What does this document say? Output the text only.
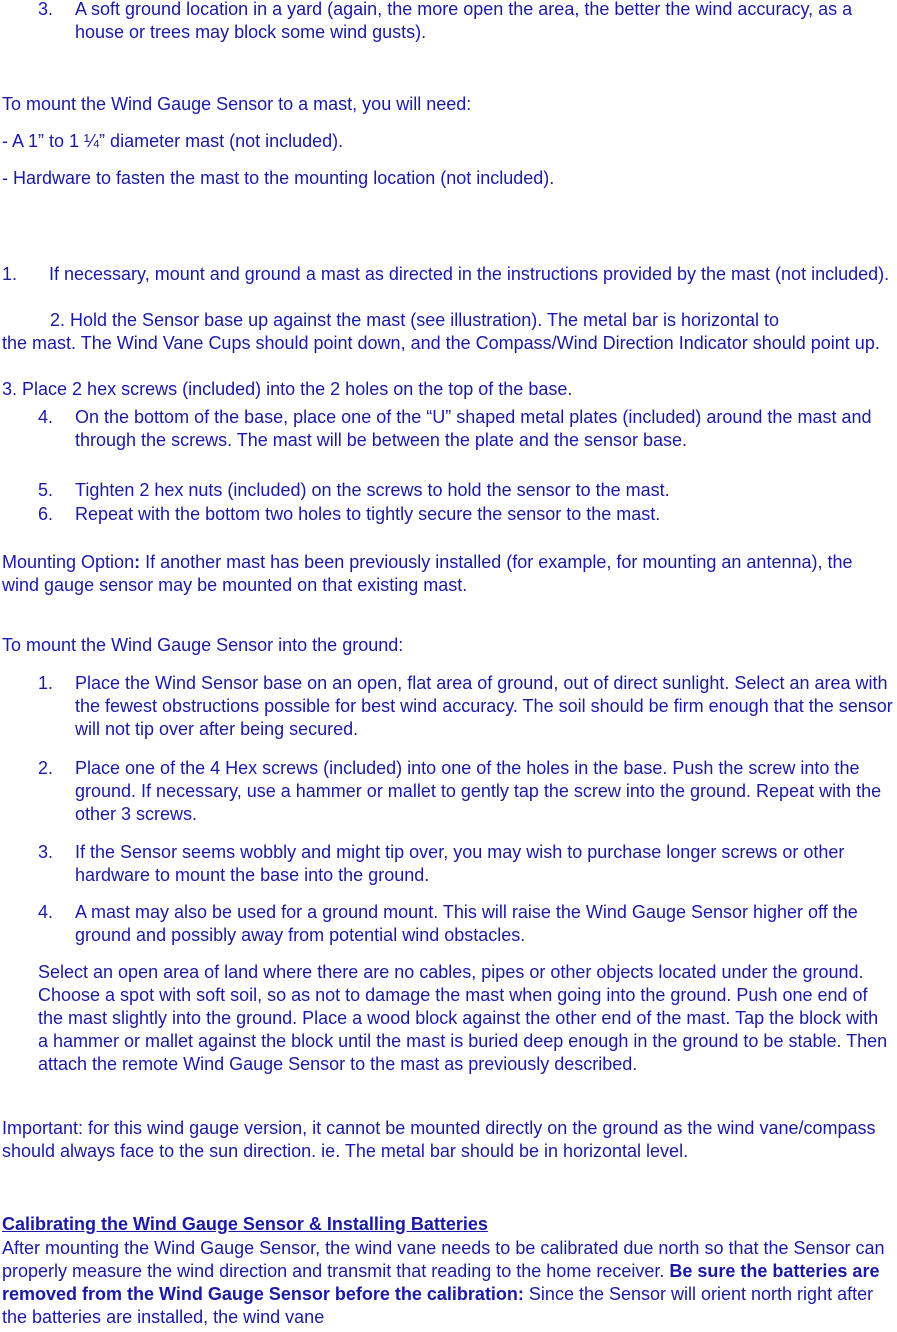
3. A soft ground location in a yard (again, the more open the area, the better the wind accuracy, as a house or trees may block some wind gusts).

To mount the Wind Gauge Sensor to a mast, you will need:

- A 1” to 1 ¼” diameter mast (not included).

- Hardware to fasten the mast to the mounting location (not included).

1. If necessary, mount and ground a mast as directed in the instructions provided by the mast (not included).

2. Hold the Sensor base up against the mast (see illustration). The metal bar is horizontal to

the mast. The Wind Vane Cups should point down, and the Compass/Wind Direction Indicator should point up.

3. Place 2 hex screws (included) into the 2 holes on the top of the base.

4. On the bottom of the base, place one of the “U” shaped metal plates (included) around the mast and through the screws. The mast will be between the plate and the sensor base.
5. Tighten 2 hex nuts (included) on the screws to hold the sensor to the mast.
6. Repeat with the bottom two holes to tightly secure the sensor to the mast.

Mounting Option: If another mast has been previously installed (for example, for mounting an antenna), the wind gauge sensor may be mounted on that existing mast.

To mount the Wind Gauge Sensor into the ground:

1. Place the Wind Sensor base on an open, flat area of ground, out of direct sunlight. Select an area with the fewest obstructions possible for best wind accuracy. The soil should be firm enough that the sensor will not tip over after being secured.
2. Place one of the 4 Hex screws (included) into one of the holes in the base. Push the screw into the ground. If necessary, use a hammer or mallet to gently tap the screw into the ground. Repeat with the other 3 screws.
3. If the Sensor seems wobbly and might tip over, you may wish to purchase longer screws or other hardware to mount the base into the ground.
4. A mast may also be used for a ground mount. This will raise the Wind Gauge Sensor higher off the ground and possibly away from potential wind obstacles.

Select an open area of land where there are no cables, pipes or other objects located under the ground. Choose a spot with soft soil, so as not to damage the mast when going into the ground. Push one end of the mast slightly into the ground. Place a wood block against the other end of the mast. Tap the block with a hammer or mallet against the block until the mast is buried deep enough in the ground to be stable. Then attach the remote Wind Gauge Sensor to the mast as previously described.

Important: for this wind gauge version, it cannot be mounted directly on the ground as the wind vane/compass should always face to the sun direction. ie. The metal bar should be in horizontal level.

Calibrating the Wind Gauge Sensor & Installing Batteries

After mounting the Wind Gauge Sensor, the wind vane needs to be calibrated due north so that the Sensor can properly measure the wind direction and transmit that reading to the home receiver. Be sure the batteries are removed from the Wind Gauge Sensor before the calibration: Since the Sensor will orient north right after the batteries are installed, the wind vane
